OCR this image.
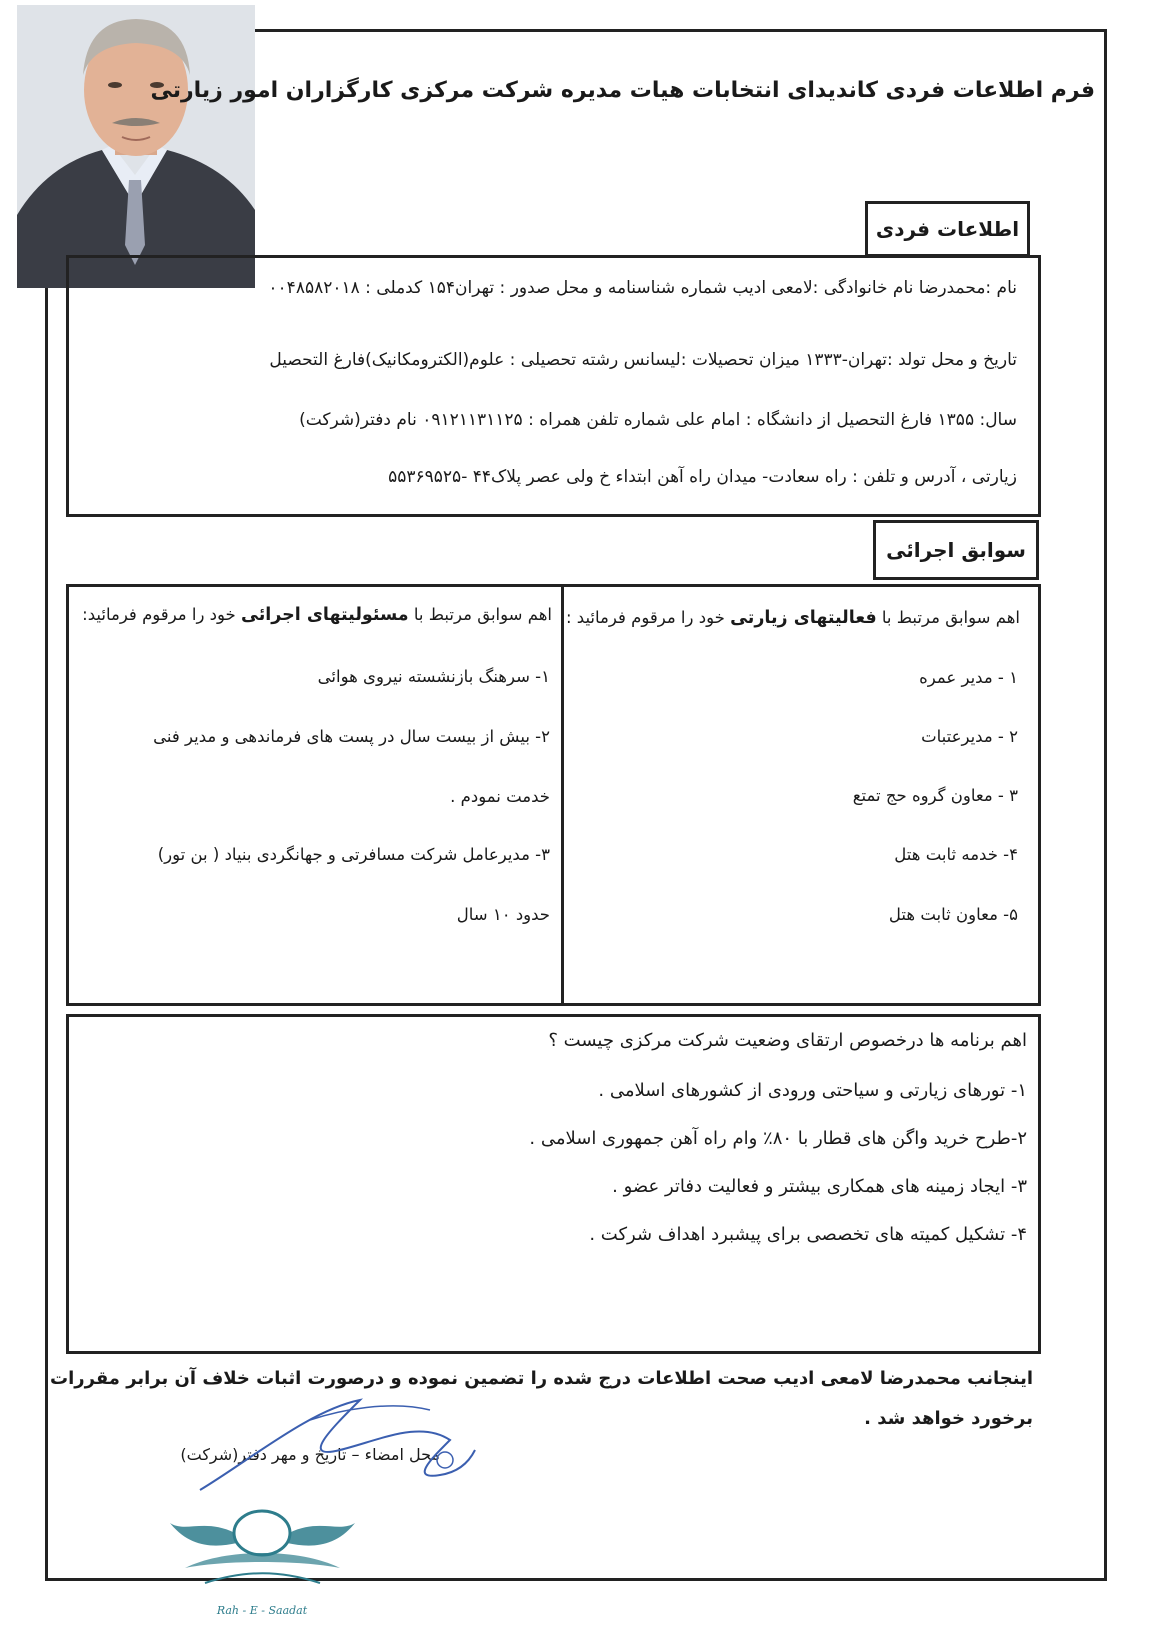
فرم اطلاعات فردی کاندیدای انتخابات هیات مدیره شرکت مرکزی کارگزاران امور زیارتی
اطلاعات فردی
نام :محمدرضا نام خانوادگی :لامعی ادیب شماره شناسنامه و محل صدور : تهران۱۵۴ کدملی : ۰۰۴۸۵۸۲۰۱۸
تاریخ و محل تولد :تهران-۱۳۳۳ میزان تحصیلات :لیسانس رشته تحصیلی : علوم(الکترومکانیک)فارغ التحصیل
سال: ۱۳۵۵ فارغ التحصیل از دانشگاه : امام علی شماره تلفن همراه : ۰۹۱۲۱۱۳۱۱۲۵ نام دفتر(شرکت)
زیارتی ، آدرس و تلفن : راه سعادت- میدان راه آهن ابتداء خ ولی عصر پلاک۴۴ -۵۵۳۶۹۵۲۵
سوابق اجرائی
اهم سوابق مرتبط با فعالیتهای زیارتی خود را مرقوم فرمائید :
۱ - مدیر عمره
۲ - مدیرعتبات
۳ - معاون گروه حج تمتع
۴- خدمه ثابت هتل
۵- معاون ثابت هتل
اهم سوابق مرتبط با مسئولیتهای اجرائی خود را مرقوم فرمائید:
۱- سرهنگ بازنشسته نیروی هوائی
۲- بیش از بیست سال در پست های فرماندهی و مدیر فنی
خدمت نمودم .
۳- مدیرعامل شرکت مسافرتی و جهانگردی بنیاد ( بن تور)
حدود ۱۰ سال
اهم برنامه ها درخصوص ارتقای وضعیت شرکت مرکزی چیست ؟
۱- تورهای زیارتی و سیاحتی ورودی از کشورهای اسلامی .
۲-طرح خرید واگن های قطار با ۸۰٪ وام راه آهن جمهوری اسلامی .
۳- ایجاد زمینه های همکاری بیشتر و فعالیت دفاتر عضو .
۴- تشکیل کمیته های تخصصی برای پیشبرد اهداف شرکت .
اینجانب محمدرضا لامعی ادیب صحت اطلاعات درج شده را تضمین نموده و درصورت اثبات خلاف آن برابر مقررات
برخورد خواهد شد .
محل امضاء – تاریخ و مهر دفتر(شرکت)
Rah - E - Saadat
